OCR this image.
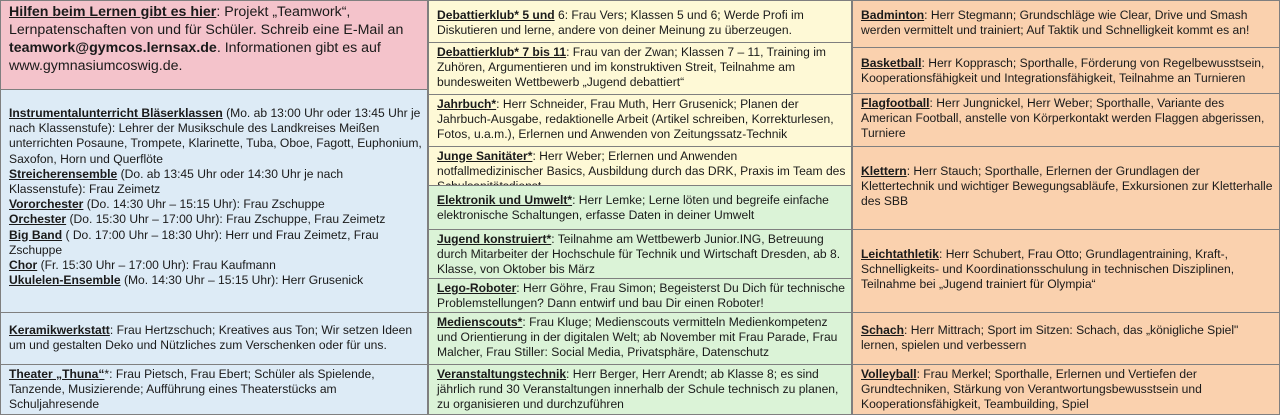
Hilfen beim Lernen gibt es hier: Projekt „Teamwork“, Lernpatenschaften von und für Schüler. Schreib eine E-Mail an teamwork@gymcos.lernsax.de. Informationen gibt es auf www.gymnasiumcoswig.de.
Instrumentalunterricht Bläserklassen (Mo. ab 13:00 Uhr oder 13:45 Uhr je nach Klassenstufe): Lehrer der Musikschule des Landkreises Meißen unterrichten Posaune, Trompete, Klarinette, Tuba, Oboe, Fagott, Euphonium, Saxofon, Horn und Querflöte
Streicherensemble (Do. ab 13:45 Uhr oder 14:30 Uhr je nach Klassenstufe): Frau Zeimetz
Vororchester (Do. 14:30 Uhr – 15:15 Uhr): Frau Zschuppe
Orchester (Do. 15:30 Uhr – 17:00 Uhr): Frau Zschuppe, Frau Zeimetz
Big Band ( Do. 17:00 Uhr – 18:30 Uhr): Herr und Frau Zeimetz, Frau Zschuppe
Chor (Fr. 15:30 Uhr – 17:00 Uhr): Frau Kaufmann
Ukulelen-Ensemble (Mo. 14:30 Uhr – 15:15 Uhr): Herr Grusenick
Keramikwerkstatt: Frau Hertzschuch; Kreatives aus Ton; Wir setzen Ideen um und gestalten Deko und Nützliches zum Verschenken oder für uns.
Theater „Thuna“*: Frau Pietsch, Frau Ebert; Schüler als Spielende, Tanzende, Musizierende; Aufführung eines Theaterstücks am Schuljahresende
Debattierklub* 5 und 6: Frau Vers; Klassen 5 und 6; Werde Profi im Diskutieren und lerne, andere von deiner Meinung zu überzeugen.
Debattierklub* 7 bis 11: Frau van der Zwan; Klassen 7 – 11, Training im Zuhören, Argumentieren und im konstruktiven Streit, Teilnahme am bundesweiten Wettbewerb „Jugend debattiert“
Jahrbuch*: Herr Schneider, Frau Muth, Herr Grusenick; Planen der Jahrbuch-Ausgabe, redaktionelle Arbeit (Artikel schreiben, Korrekturlesen, Fotos, u.a.m.), Erlernen und Anwenden von Zeitungssatz-Technik
Junge Sanitäter*: Herr Weber; Erlernen und Anwenden notfallmedizinischer Basics, Ausbildung durch das DRK, Praxis im Team des
Elektronik und Umwelt*: Herr Lemke; Lerne löten und begreife einfache elektronische Schaltungen, erfasse Daten in deiner Umwelt
Jugend konstruiert*: Teilnahme am Wettbewerb Junior.ING, Betreuung durch Mitarbeiter der Hochschule für Technik und Wirtschaft Dresden, ab 8. Klasse, von Oktober bis März
Lego-Roboter: Herr Göhre, Frau Simon; Begeisterst Du Dich für technische Problemstellungen? Dann entwirf und bau Dir einen Roboter!
Medienscouts*: Frau Kluge; Medienscouts vermitteln Medienkompetenz und Orientierung in der digitalen Welt; ab November mit Frau Parade, Frau Malcher, Frau Stiller: Social Media, Privatsphäre, Datenschutz
Veranstaltungstechnik: Herr Berger, Herr Arendt; ab Klasse 8; es sind jährlich rund 30 Veranstaltungen innerhalb der Schule technisch zu planen, zu organisieren und durchzuführen
Badminton: Herr Stegmann; Grundschläge wie Clear, Drive und Smash werden vermittelt und trainiert; Auf Taktik und Schnelligkeit kommt es an!
Basketball: Herr Kopprasch; Sporthalle, Förderung von Regelbewusstsein, Kooperationsfähigkeit und Integrationsfähigkeit, Teilnahme an Turnieren
Flagfootball: Herr Jungnickel, Herr Weber; Sporthalle, Variante des American Football, anstelle von Körperkontakt werden Flaggen abgerissen, Turniere
Klettern: Herr Stauch; Sporthalle, Erlernen der Grundlagen der Klettertechnik und wichtiger Bewegungsabläufe, Exkursionen zur Kletterhalle des SBB
Leichtathletik: Herr Schubert, Frau Otto; Grundlagentraining, Kraft-, Schnelligkeits- und Koordinationsschulung in technischen Disziplinen, Teilnahme bei „Jugend trainiert für Olympia“
Schach: Herr Mittrach; Sport im Sitzen: Schach, das „königliche Spiel" lernen, spielen und verbessern
Volleyball: Frau Merkel; Sporthalle, Erlernen und Vertiefen der Grundtechniken, Stärkung von Verantwortungsbewusstsein und Kooperationsfähigkeit, Teambuilding, Spiel
